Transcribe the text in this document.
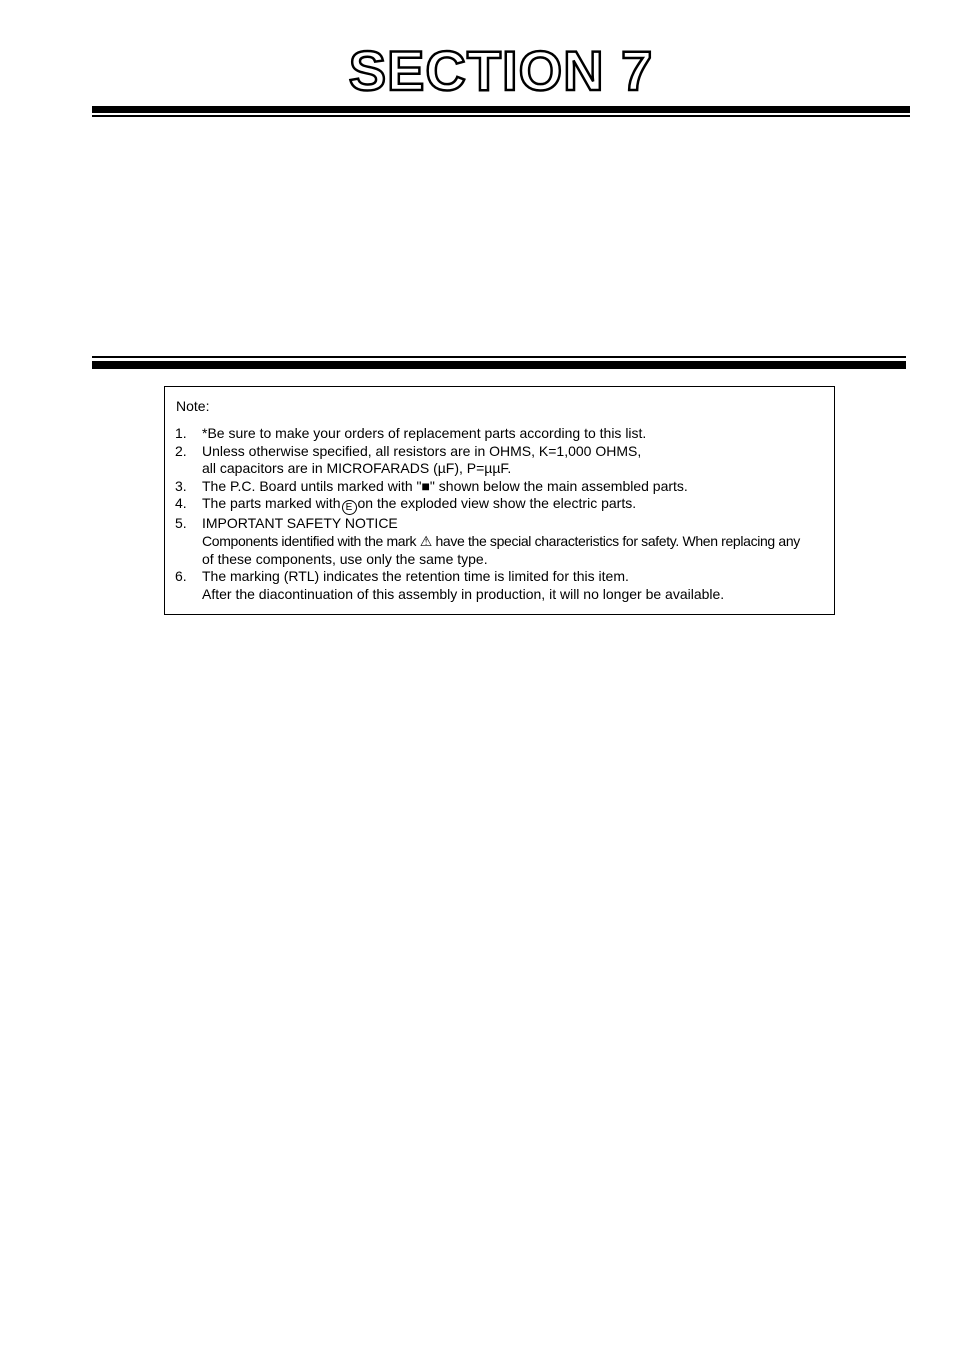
SECTION 7
Note:
1. *Be sure to make your orders of replacement parts according to this list.
2. Unless otherwise specified, all resistors are in OHMS, K=1,000 OHMS,
all capacitors are in MICROFARADS (µF), P=µµF.
3. The P.C. Board untils marked with "■" shown below the main assembled parts.
4. The parts marked with E on the exploded view show the electric parts.
5. IMPORTANT SAFETY NOTICE
Components identified with the mark ⚠ have the special characteristics for safety. When replacing any
of these components, use only the same type.
6. The marking (RTL) indicates the retention time is limited for this item.
After the diacontinuation of this assembly in production, it will no longer be available.
